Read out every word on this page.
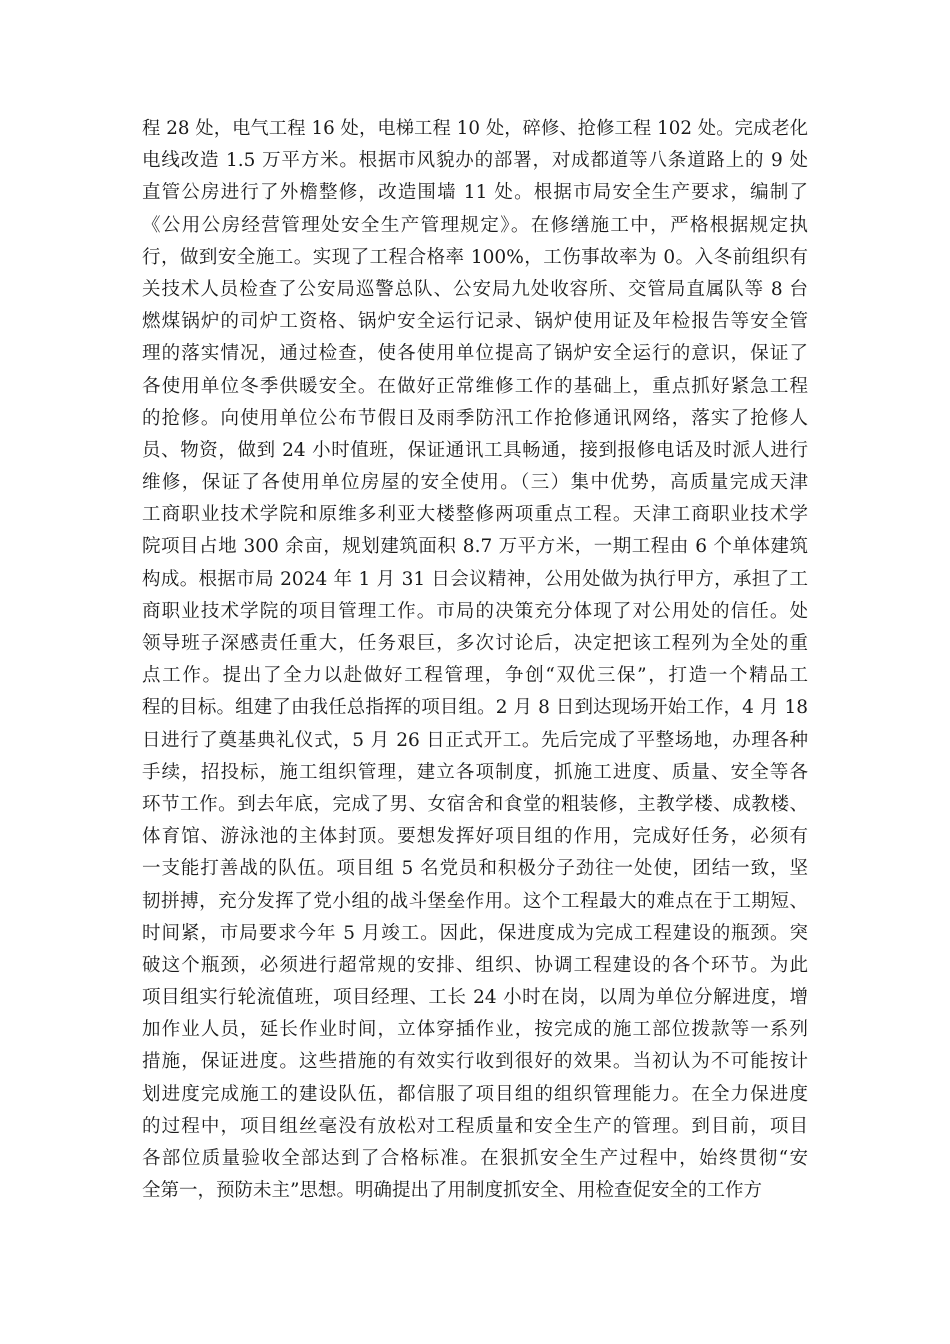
程 28 处，电气工程 16 处，电梯工程 10 处，碎修、抢修工程 102 处。完成老化
电线改造 1.5 万平方米。根据市风貌办的部署，对成都道等八条道路上的 9 处
直管公房进行了外檐整修，改造围墙 11 处。根据市局安全生产要求，编制了
《公用公房经营管理处安全生产管理规定》。在修缮施工中，严格根据规定执
行，做到安全施工。实现了工程合格率 100%，工伤事故率为 0。入冬前组织有
关技术人员检查了公安局巡警总队、公安局九处收容所、交管局直属队等 8 台
燃煤锅炉的司炉工资格、锅炉安全运行记录、锅炉使用证及年检报告等安全管
理的落实情况，通过检查，使各使用单位提高了锅炉安全运行的意识，保证了
各使用单位冬季供暖安全。在做好正常维修工作的基础上，重点抓好紧急工程
的抢修。向使用单位公布节假日及雨季防汛工作抢修通讯网络，落实了抢修人
员、物资，做到 24 小时值班，保证通讯工具畅通，接到报修电话及时派人进行
维修，保证了各使用单位房屋的安全使用。（三）集中优势，高质量完成天津
工商职业技术学院和原维多利亚大楼整修两项重点工程。天津工商职业技术学
院项目占地 300 余亩，规划建筑面积 8.7 万平方米，一期工程由 6 个单体建筑
构成。根据市局 2024 年 1 月 31 日会议精神，公用处做为执行甲方，承担了工
商职业技术学院的项目管理工作。市局的决策充分体现了对公用处的信任。处
领导班子深感责任重大，任务艰巨，多次讨论后，决定把该工程列为全处的重
点工作。提出了全力以赴做好工程管理，争创“双优三保”，打造一个精品工
程的目标。组建了由我任总指挥的项目组。2 月 8 日到达现场开始工作，4 月 18
日进行了奠基典礼仪式，5 月 26 日正式开工。先后完成了平整场地，办理各种
手续，招投标，施工组织管理，建立各项制度，抓施工进度、质量、安全等各
环节工作。到去年底，完成了男、女宿舍和食堂的粗装修，主教学楼、成教楼、
体育馆、游泳池的主体封顶。要想发挥好项目组的作用，完成好任务，必须有
一支能打善战的队伍。项目组 5 名党员和积极分子劲往一处使，团结一致，坚
韧拼搏，充分发挥了党小组的战斗堡垒作用。这个工程最大的难点在于工期短、
时间紧，市局要求今年 5 月竣工。因此，保进度成为完成工程建设的瓶颈。突
破这个瓶颈，必须进行超常规的安排、组织、协调工程建设的各个环节。为此
项目组实行轮流值班，项目经理、工长 24 小时在岗，以周为单位分解进度，增
加作业人员，延长作业时间，立体穿插作业，按完成的施工部位拨款等一系列
措施，保证进度。这些措施的有效实行收到很好的效果。当初认为不可能按计
划进度完成施工的建设队伍，都信服了项目组的组织管理能力。在全力保进度
的过程中，项目组丝毫没有放松对工程质量和安全生产的管理。到目前，项目
各部位质量验收全部达到了合格标准。在狠抓安全生产过程中，始终贯彻“安
全第一，预防未主”思想。明确提出了用制度抓安全、用检查促安全的工作方
